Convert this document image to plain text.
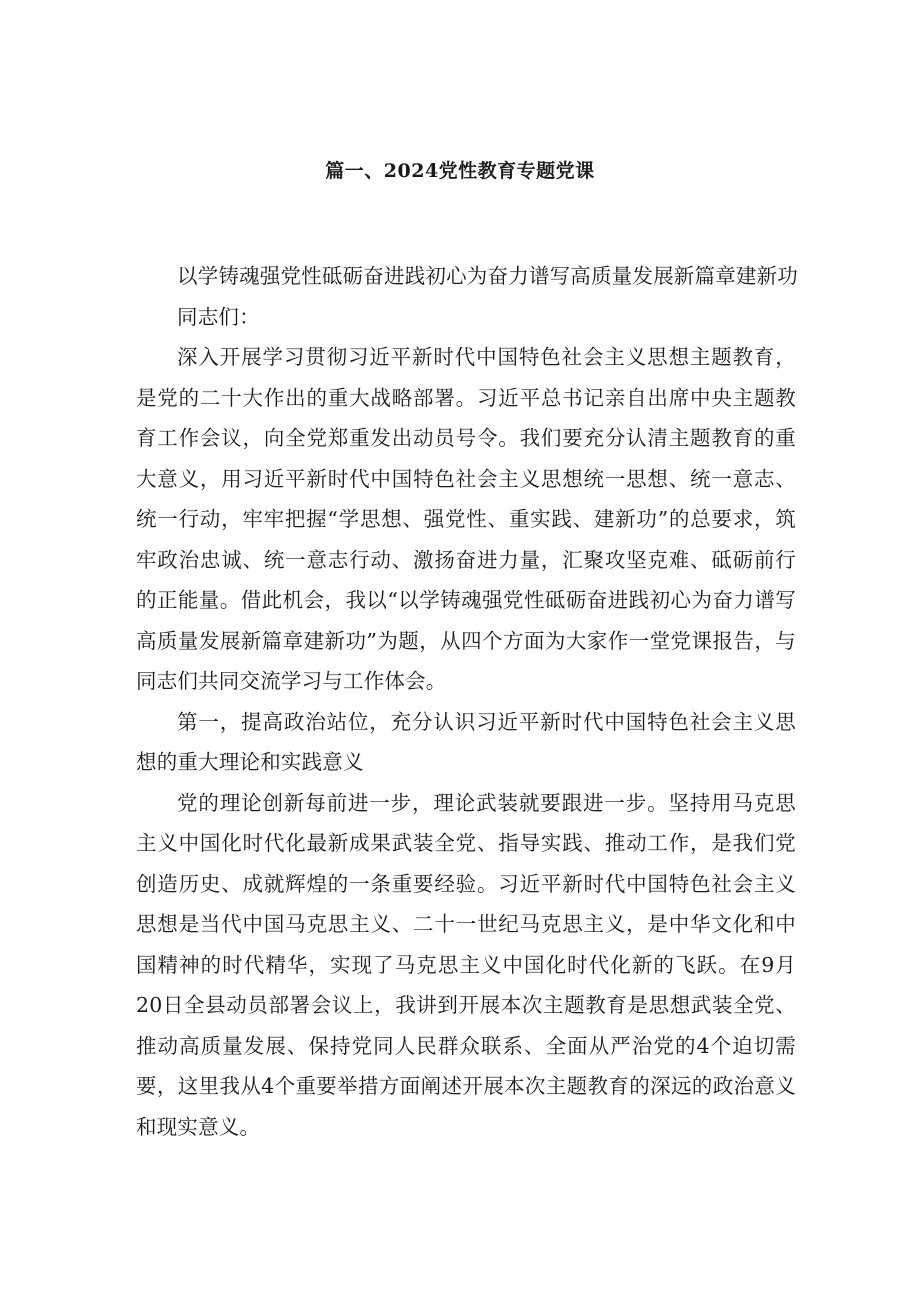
篇一、2024党性教育专题党课

以学铸魂强党性砥砺奋进践初心为奋力谱写高质量发展新篇章建新功

同志们：

深入开展学习贯彻习近平新时代中国特色社会主义思想主题教育，是党的二十大作出的重大战略部署。习近平总书记亲自出席中央主题教育工作会议，向全党郑重发出动员号令。我们要充分认清主题教育的重大意义，用习近平新时代中国特色社会主义思想统一思想、统一意志、统一行动，牢牢把握“学思想、强党性、重实践、建新功”的总要求，筑牢政治忠诚、统一意志行动、激扬奋进力量，汇聚攻坚克难、砥砺前行的正能量。借此机会，我以“以学铸魂强党性砥砺奋进践初心为奋力谱写高质量发展新篇章建新功”为题，从四个方面为大家作一堂党课报告，与同志们共同交流学习与工作体会。

第一，提高政治站位，充分认识习近平新时代中国特色社会主义思想的重大理论和实践意义

党的理论创新每前进一步，理论武装就要跟进一步。坚持用马克思主义中国化时代化最新成果武装全党、指导实践、推动工作，是我们党创造历史、成就辉煌的一条重要经验。习近平新时代中国特色社会主义思想是当代中国马克思主义、二十一世纪马克思主义，是中华文化和中国精神的时代精华，实现了马克思主义中国化时代化新的飞跃。在9月20日全县动员部署会议上，我讲到开展本次主题教育是思想武装全党、推动高质量发展、保持党同人民群众联系、全面从严治党的4个迫切需要，这里我从4个重要举措方面阐述开展本次主题教育的深远的政治意义和现实意义。
